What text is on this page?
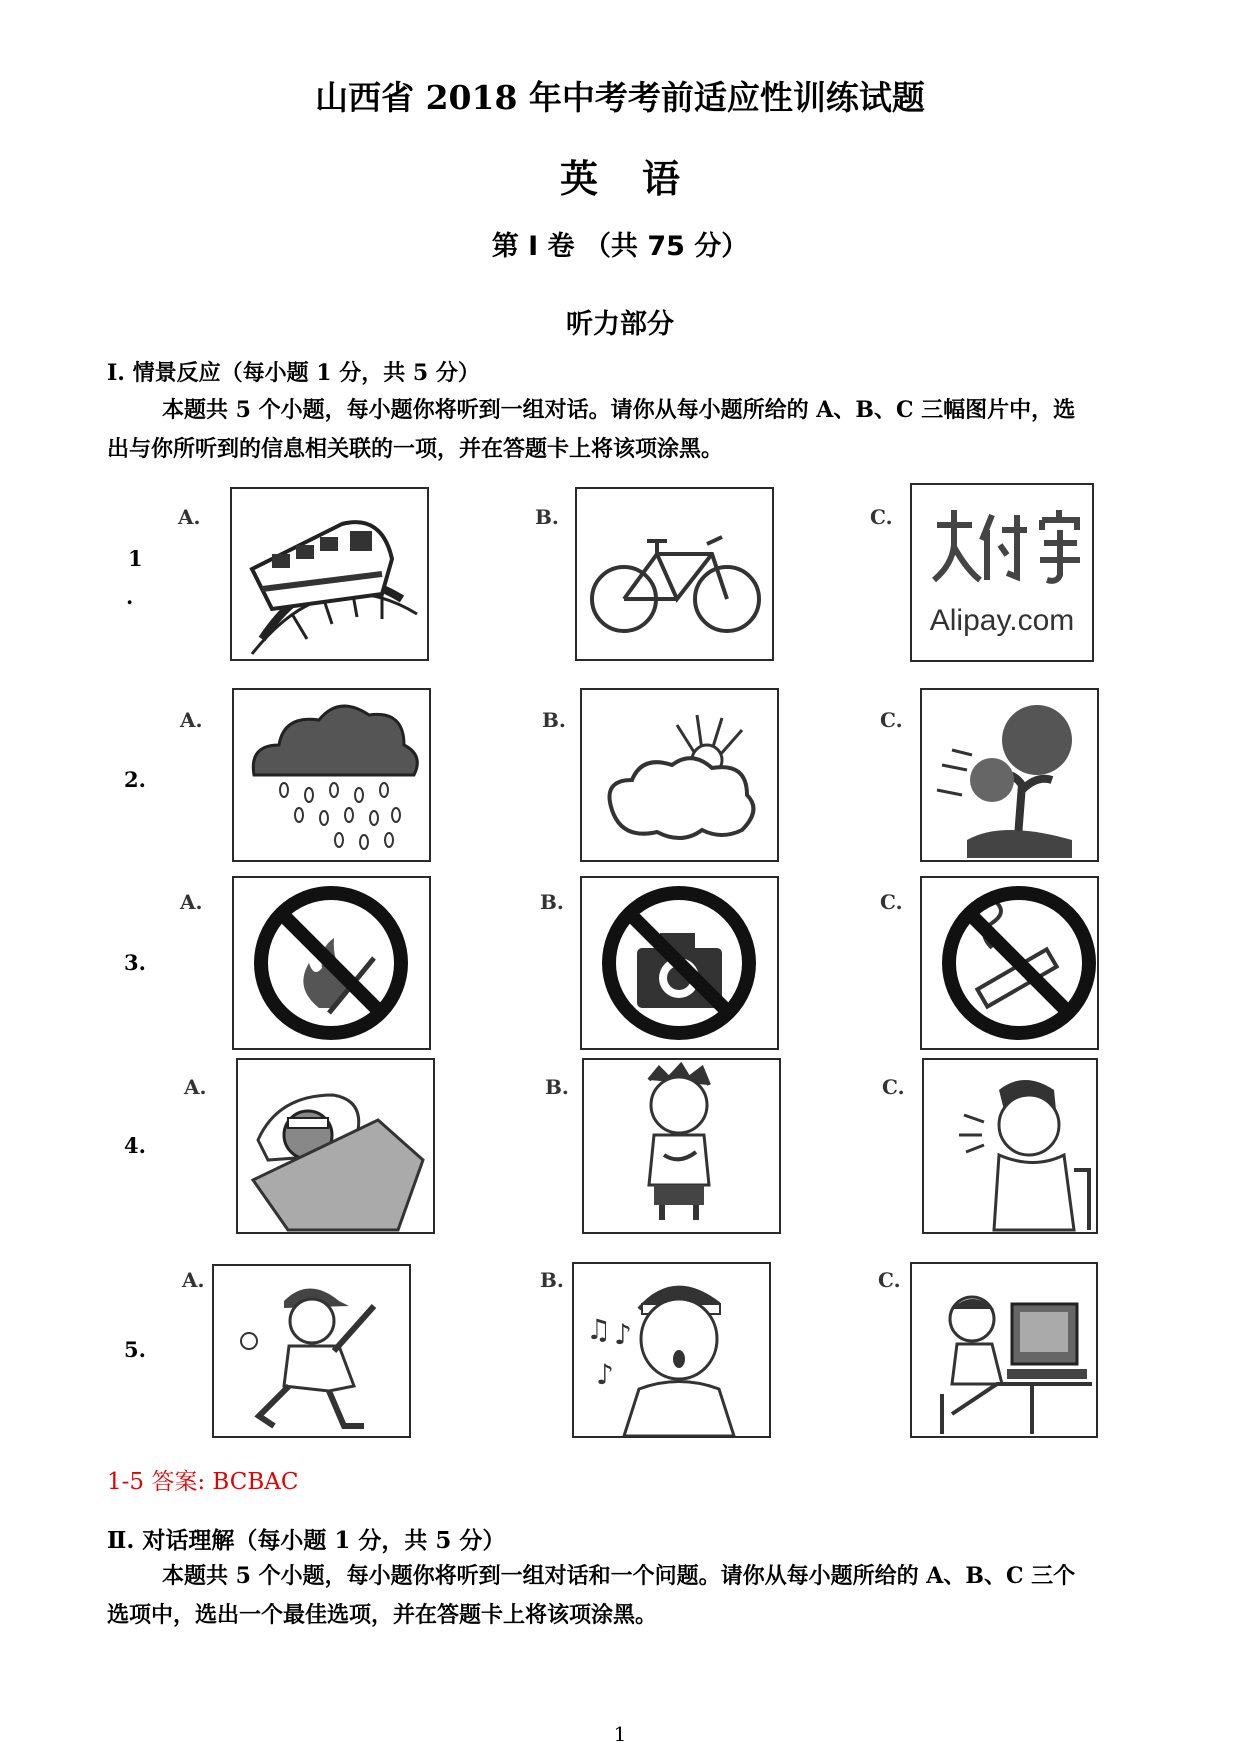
山西省 2018 年中考考前适应性训练试题
英语
第 I 卷 （共 75 分）
听力部分
I. 情景反应（每小题 1 分，共 5 分）
本题共 5 个小题，每小题你将听到一组对话。请你从每小题所给的 A、B、C 三幅图片中，选出与你所听到的信息相关联的一项，并在答题卡上将该项涂黑。
1
.
A.	B.	C.
Alipay.com
2.
A.	B.	C.
3.
A.	B.	C.
4.
A.	B.	C.
5.
A.	B.	C.
♫ ♪
♪
1-5 答案: BCBAC
Ⅱ. 对话理解（每小题 1 分，共 5 分）
本题共 5 个小题，每小题你将听到一组对话和一个问题。请你从每小题所给的 A、B、C 三个选项中，选出一个最佳选项，并在答题卡上将该项涂黑。
1
